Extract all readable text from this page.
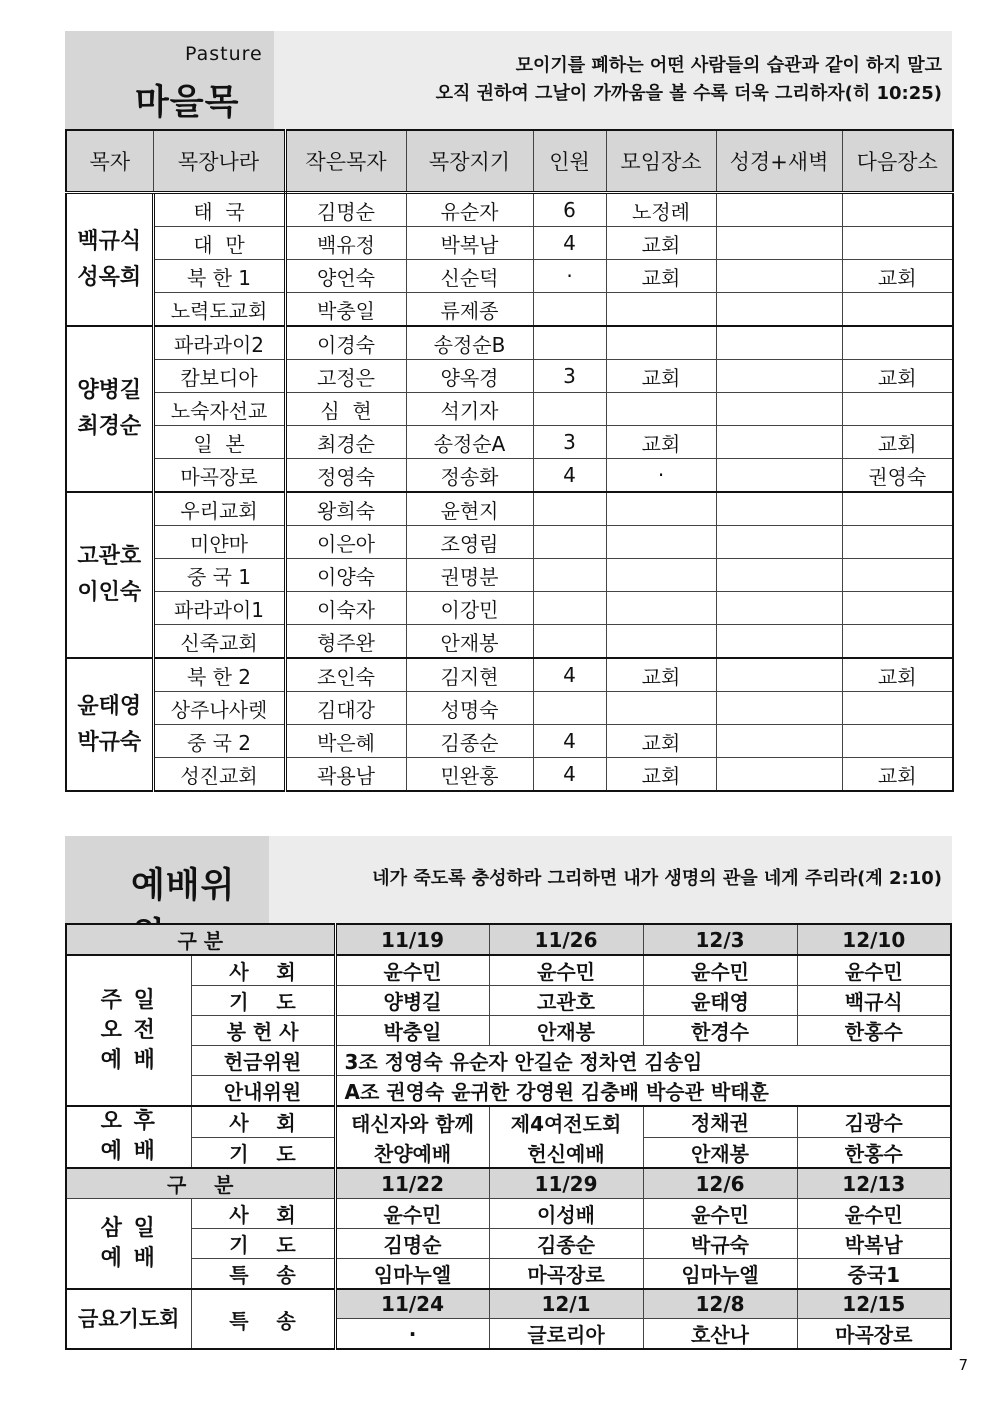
Pasture
마을목
모이기를 폐하는 어떤 사람들의 습관과 같이 하지 말고
오직 권하여 그날이 가까움을 볼 수록 더욱 그리하자(히 10:25)
목자	목장나라	작은목자	목장지기	인원	모임장소	성경+새벽	다음장소

백규식
성옥희	태  국	김명순	유순자	6	노정례		
	대  만	백유정	박복남	4	교회		
	북 한 1	양언숙	신순덕	·	교회		교회
	노력도교회	박충일	류제종				

양병길
최경순	파라과이2	이경숙	송정순B				
	캄보디아	고정은	양옥경	3	교회		교회
	노숙자선교	심  현	석기자				
	일  본	최경순	송정순A	3	교회		교회
	마곡장로	정영숙	정송화	4	·		권영숙

고관호
이인숙	우리교회	왕희숙	윤현지				
	미얀마	이은아	조영림				
	중 국 1	이양숙	권명분				
	파라과이1	이숙자	이강민				
	신죽교회	형주완	안재봉				

윤태영
박규숙	북 한 2	조인숙	김지현	4	교회		교회
	상주나사렛	김대강	성명숙				
	중 국 2	박은혜	김종순	4	교회		
	성진교회	곽용남	민완홍	4	교회		교회
예배위	네가 죽도록 충성하라 그리하면 내가 생명의 관을 네게 주리라(계 2:10)
구 분		11/19	11/26	12/3	12/10

주 일
오 전
예 배	사    회	윤수민	윤수민	윤수민	윤수민
	기    도	양병길	고관호	윤태영	백규식
	봉 헌 사	박충일	안재봉	한경수	한홍수
	헌금위원	3조 정영숙 유순자 안길순 정차연 김송임			
	안내위원	A조 권영숙 윤귀한 강영원 김충배 박승관 박태훈			

오 후
예 배	사    회	태신자와 함께	제4여전도회	정채권	김광수
	기    도	찬양예배	헌신예배	안재봉	한홍수
구    분		11/22	11/29	12/6	12/13

삼 일
예 배	사    회	윤수민	이성배	윤수민	윤수민
	기    도	김명순	김종순	박규숙	박복남
	특    송	임마누엘	마곡장로	임마누엘	중국1
금요기도회	특    송	11/24	12/1	12/8	12/15
		·	글로리아	호산나	마곡장로
7
